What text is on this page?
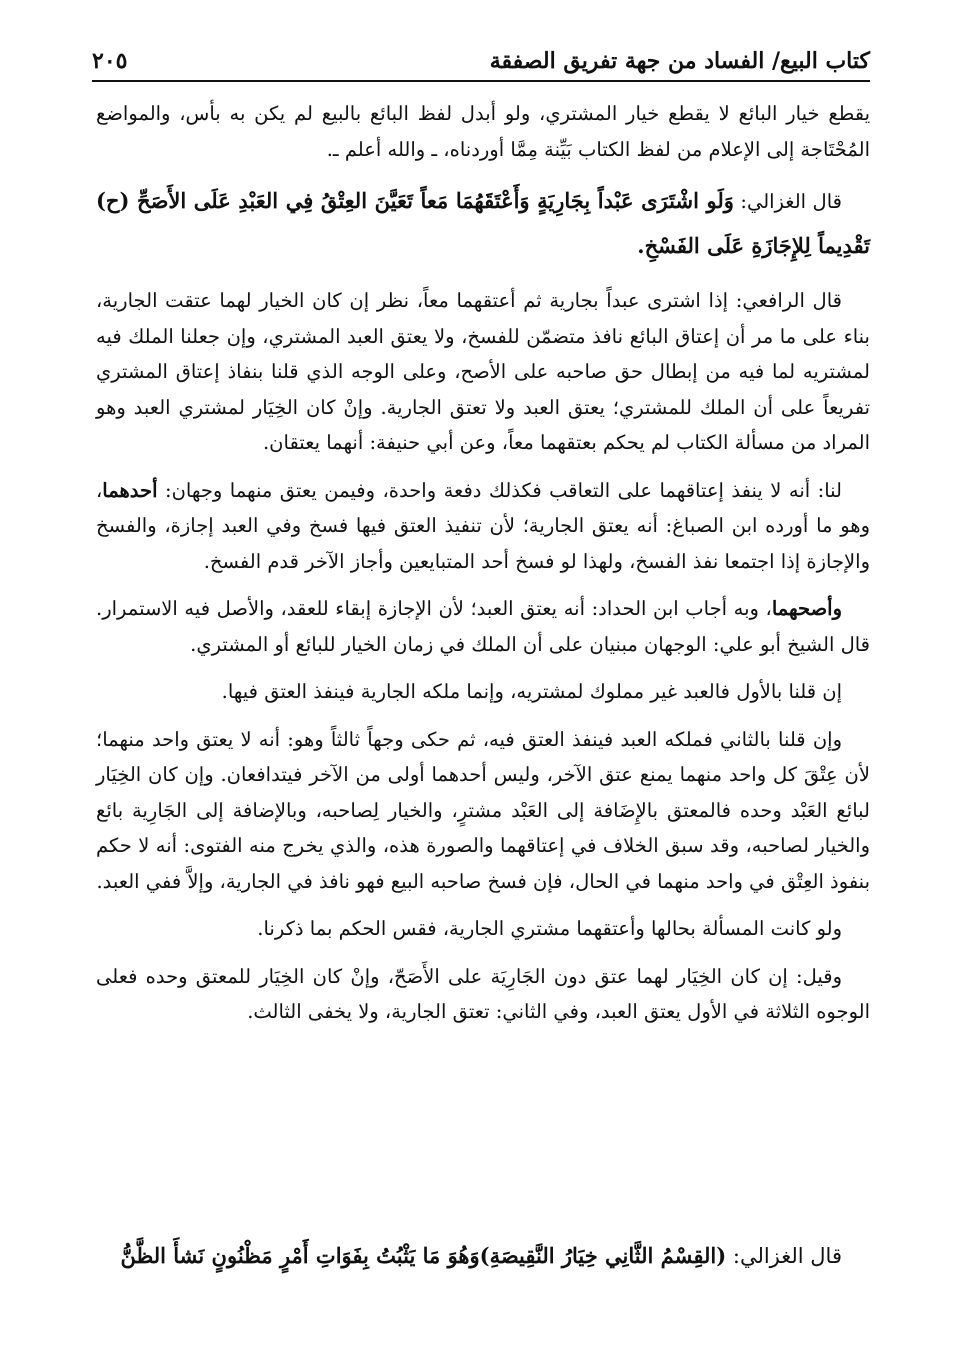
كتاب البيع/ الفساد من جهة تفريق الصفقة
٢٠٥

يقطع خيار البائع لا يقطع خيار المشتري، ولو أبدل لفظ البائع بالبيع لم يكن به بأس، والمواضع المُحْتَاجة إلى الإعلام من لفظ الكتاب بَيِّنة مِمَّا أوردناه، ـ والله أعلم ـ.

قال الغزالي: وَلَو اشْتَرَى عَبْداً بِجَارِيَةٍ وَأَعْتَقَهُمَا مَعاً تَعَيَّنَ العِتْقُ فِي العَبْدِ عَلَى الأَصَحِّ (ح) تَقْدِيماً لِلإِجَازَةِ عَلَى الفَسْخِ.

قال الرافعي: إذا اشترى عبداً بجارية ثم أعتقهما معاً، نظر إن كان الخيار لهما عتقت الجارية، بناء على ما مر أن إعتاق البائع نافذ متضمّن للفسخ، ولا يعتق العبد المشتري، وإن جعلنا الملك فيه لمشتريه لما فيه من إبطال حق صاحبه على الأصح، وعلى الوجه الذي قلنا بنفاذ إعتاق المشتري تفريعاً على أن الملك للمشتري؛ يعتق العبد ولا تعتق الجارية. وإنْ كان الخِيَار لمشتري العبد وهو المراد من مسألة الكتاب لم يحكم بعتقهما معاً، وعن أبي حنيفة: أنهما يعتقان.

لنا: أنه لا ينفذ إعتاقهما على التعاقب فكذلك دفعة واحدة، وفيمن يعتق منهما وجهان: أحدهما، وهو ما أورده ابن الصباغ: أنه يعتق الجارية؛ لأن تنفيذ العتق فيها فسخ وفي العبد إجازة، والفسخ والإجازة إذا اجتمعا نفذ الفسخ، ولهذا لو فسخ أحد المتبايعين وأجاز الآخر قدم الفسخ.

وأصحهما، وبه أجاب ابن الحداد: أنه يعتق العبد؛ لأن الإجازة إبقاء للعقد، والأصل فيه الاستمرار. قال الشيخ أبو علي: الوجهان مبنيان على أن الملك في زمان الخيار للبائع أو المشتري.

إن قلنا بالأول فالعبد غير مملوك لمشتريه، وإنما ملكه الجارية فينفذ العتق فيها.

وإن قلنا بالثاني فملكه العبد فينفذ العتق فيه، ثم حكى وجهاً ثالثاً وهو: أنه لا يعتق واحد منهما؛ لأن عِتْقَ كل واحد منهما يمنع عتق الآخر، وليس أحدهما أولى من الآخر فيتدافعان. وإن كان الخِيَار لبائع العَبْد وحده فالمعتق بالإِضَافة إلى العَبْد مشترٍ، والخيار لِصاحبه، وبالإضافة إلى الجَارِية بائع والخيار لصاحبه، وقد سبق الخلاف في إعتاقهما والصورة هذه، والذي يخرج منه الفتوى: أنه لا حكم بنفوذ العِتْق في واحد منهما في الحال، فإن فسخ صاحبه البيع فهو نافذ في الجارية، وإلاَّ ففي العبد.

ولو كانت المسألة بحالها وأعتقهما مشتري الجارية، فقس الحكم بما ذكرنا.

وقيل: إن كان الخِيَار لهما عتق دون الجَارِيَة على الأَصَحّ، وإنْ كان الخِيَار للمعتق وحده فعلى الوجوه الثلاثة في الأول يعتق العبد، وفي الثاني: تعتق الجارية، ولا يخفى الثالث.

قال الغزالي: (القِسْمُ الثَّانِي خِيَارُ النَّقِيصَةِ)وَهُوَ مَا يَثْبُتُ بِفَوَاتِ أَمْرٍ مَظْنُونٍ نَشأَ الظَّنُّ
